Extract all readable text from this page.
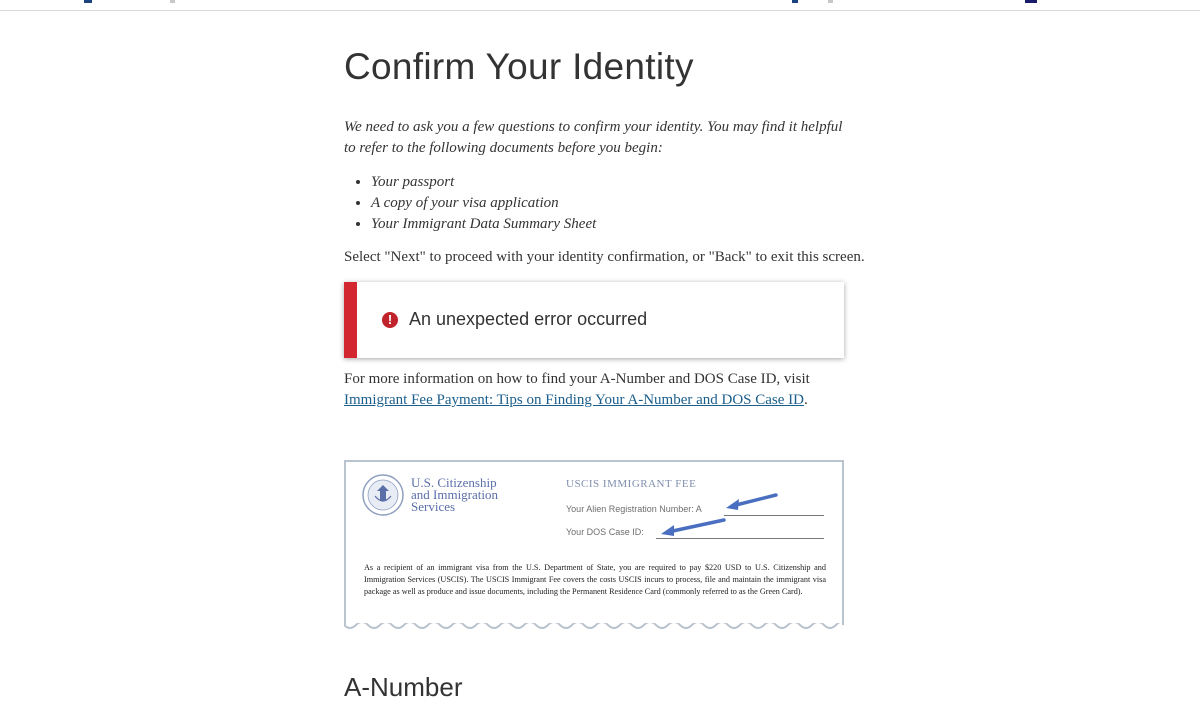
Confirm Your Identity

We need to ask you a few questions to confirm your identity. You may find it helpful to refer to the following documents before you begin:

• Your passport
• A copy of your visa application
• Your Immigrant Data Summary Sheet

Select "Next" to proceed with your identity confirmation, or "Back" to exit this screen.

! An unexpected error occurred

For more information on how to find your A-Number and DOS Case ID, visit Immigrant Fee Payment: Tips on Finding Your A-Number and DOS Case ID.

U.S. Citizenship
and Immigration
Services
USCIS IMMIGRANT FEE
Your Alien Registration Number: A
Your DOS Case ID:

As a recipient of an immigrant visa from the U.S. Department of State, you are required to pay $220 USD to U.S. Citizenship and Immigration Services (USCIS). The USCIS Immigrant Fee covers the costs USCIS incurs to process, file and maintain the immigrant visa package as well as produce and issue documents, including the Permanent Residence Card (commonly referred to as the Green Card).

A-Number
